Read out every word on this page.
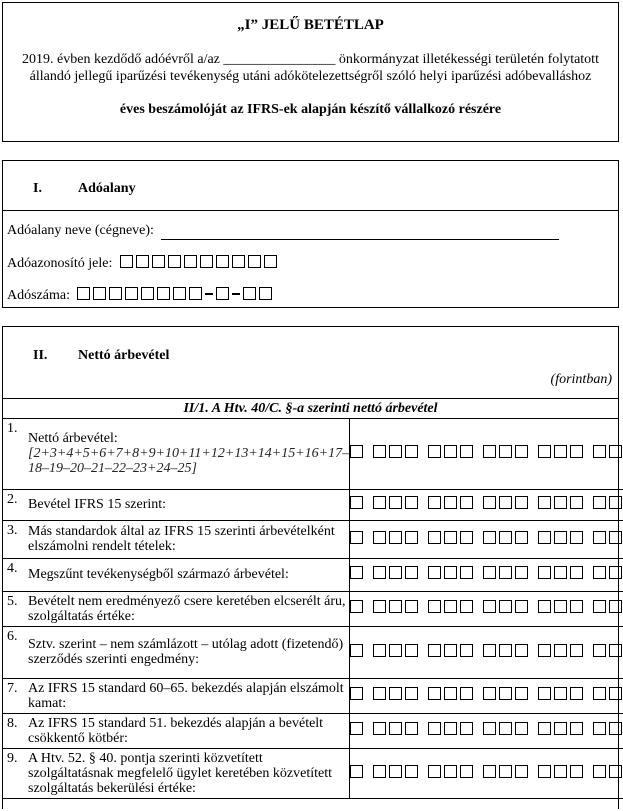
„I” JELŰ BETÉTLAP
2019. évben kezdődő adóévről a/az ________________ önkormányzat illetékességi területén folytatott állandó jellegű iparűzési tevékenység utáni adókötelezettségről szóló helyi iparűzési adóbevalláshoz
éves beszámolóját az IFRS-ek alapján készítő vállalkozó részére
I.	Adóalany
Adóalany neve (cégneve):
Adóazonosító jele:
Adószáma:
II. Nettó árbevétel
(forintban)
II/1. A Htv. 40/C. §-a szerinti nettó árbevétel
1.
Nettó árbevétel:
[2+3+4+5+6+7+8+9+10+11+12+13+14+15+16+17–18–19–20–21–22–23+24–25]	

2. Bevétel IFRS 15 szerint:	

3. Más standardok által az IFRS 15 szerinti árbevételként elszámolni rendelt tételek:	

4. Megszűnt tevékenységből származó árbevétel:	

5. Bevételt nem eredményező csere keretében elcserélt áru, szolgáltatás értéke:	

6.
Sztv. szerint – nem számlázott – utólag adott (fizetendő) szerződés szerinti engedmény:	

7. Az IFRS 15 standard 60–65. bekezdés alapján elszámolt kamat:	

8. Az IFRS 15 standard 51. bekezdés alapján a bevételt csökkentő kötbér:	

9. A Htv. 52. § 40. pontja szerinti közvetített szolgáltatásnak megfelelő ügylet keretében közvetített szolgáltatás bekerülési értéke:	
